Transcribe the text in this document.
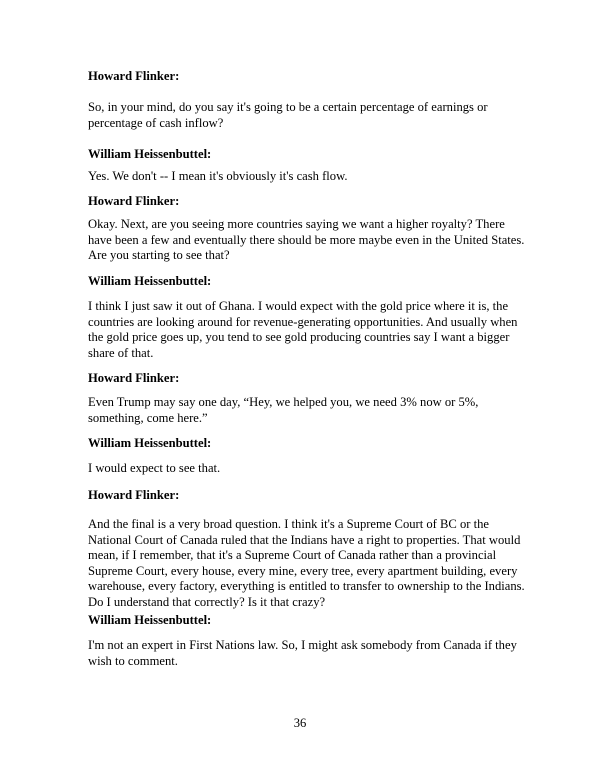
Howard Flinker:
So, in your mind, do you say it's going to be a certain percentage of earnings or percentage of cash inflow?
William Heissenbuttel:
Yes. We don't -- I mean it's obviously it's cash flow.
Howard Flinker:
Okay. Next, are you seeing more countries saying we want a higher royalty? There have been a few and eventually there should be more maybe even in the United States. Are you starting to see that?
William Heissenbuttel:
I think I just saw it out of Ghana. I would expect with the gold price where it is, the countries are looking around for revenue-generating opportunities. And usually when the gold price goes up, you tend to see gold producing countries say I want a bigger share of that.
Howard Flinker:
Even Trump may say one day, “Hey, we helped you, we need 3% now or 5%, something, come here.”
William Heissenbuttel:
I would expect to see that.
Howard Flinker:
And the final is a very broad question. I think it's a Supreme Court of BC or the National Court of Canada ruled that the Indians have a right to properties. That would mean, if I remember, that it's a Supreme Court of Canada rather than a provincial Supreme Court, every house, every mine, every tree, every apartment building, every warehouse, every factory, everything is entitled to transfer to ownership to the Indians. Do I understand that correctly? Is it that crazy?
William Heissenbuttel:
I'm not an expert in First Nations law. So, I might ask somebody from Canada if they wish to comment.
36
